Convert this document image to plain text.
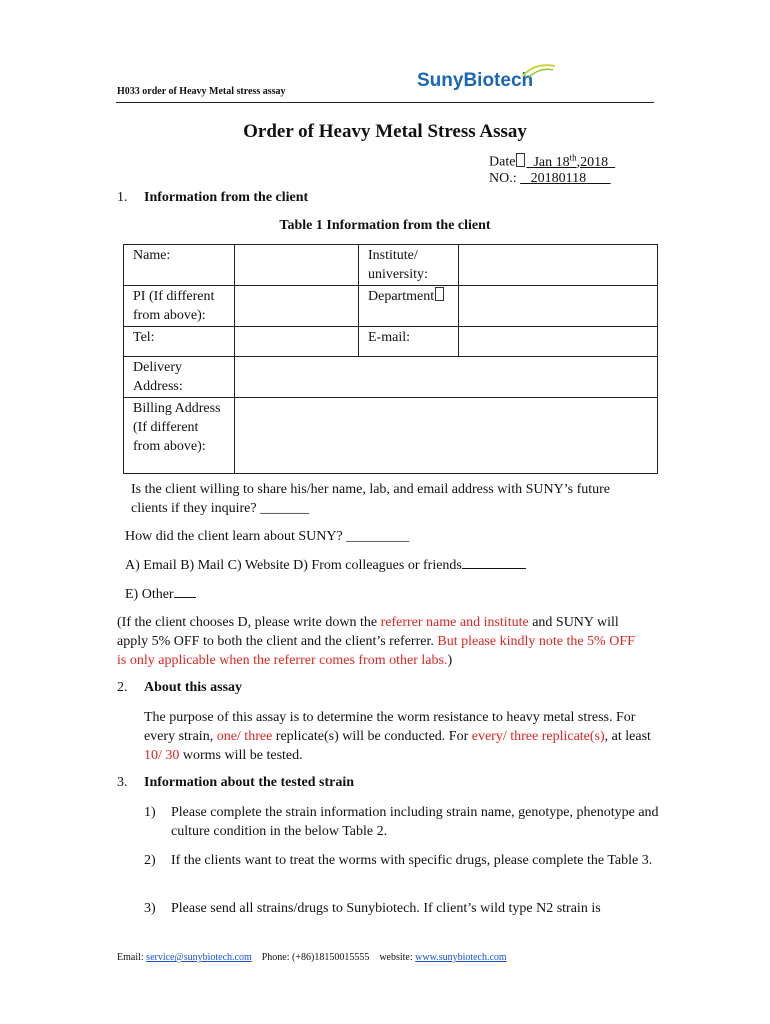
H033 order of Heavy Metal stress assay
SunyBiotech
Order of Heavy Metal Stress Assay
Date Jan 18th,2018
NO.: 20180118
1. Information from the client
Table 1 Information from the client
Name:		Institute/ university:	
PI (If different from above):		Department	
Tel:		E-mail:	
Delivery Address:			
Billing Address (If different from above):			
Is the client willing to share his/her name, lab, and email address with SUNY’s future clients if they inquire? _______
How did the client learn about SUNY? _________
A) Email B) Mail C) Website D) From colleagues or friends
E) Other
(If the client chooses D, please write down the referrer name and institute and SUNY will apply 5% OFF to both the client and the client’s referrer. But please kindly note the 5% OFF is only applicable when the referrer comes from other labs.)
2. About this assay
The purpose of this assay is to determine the worm resistance to heavy metal stress. For every strain, one/ three replicate(s) will be conducted. For every/ three replicate(s), at least 10/ 30 worms will be tested.
3. Information about the tested strain
1) Please complete the strain information including strain name, genotype, phenotype and culture condition in the below Table 2.
2) If the clients want to treat the worms with specific drugs, please complete the Table 3.
3) Please send all strains/drugs to Sunybiotech. If client’s wild type N2 strain is
Email: service@sunybiotech.com Phone: (+86)18150015555 website: www.sunybiotech.com
